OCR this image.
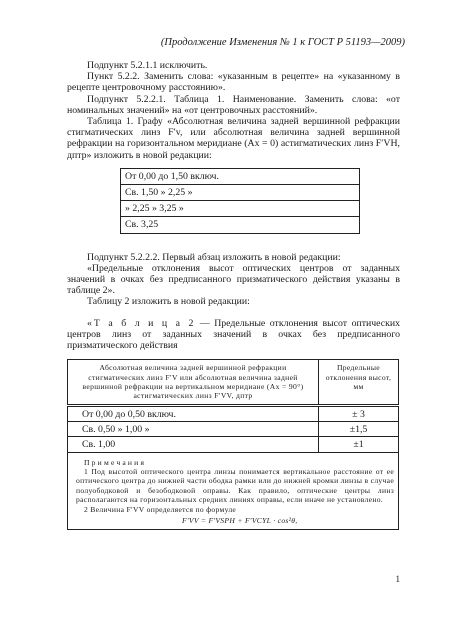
(Продолжение Изменения № 1 к ГОСТ Р 51193—2009)

Подпункт 5.2.1.1 исключить.

Пункт 5.2.2. Заменить слова: «указанным в рецепте» на «указанному в рецепте центровочному расстоянию».

Подпункт 5.2.2.1. Таблица 1. Наименование. Заменить слова: «от номинальных значений» на «от центровочных расстояний».

Таблица 1. Графу «Абсолютная величина задней вершинной рефракции стигматических линз F′v, или абсолютная величина задней вершинной рефракции на горизонтальном меридиане (Ax = 0) астигматических линз F′VH, дптр» изложить в новой редакции:

От 0,00 до 1,50 включ.
Св. 1,50 » 2,25 »
» 2,25 » 3,25 »
Св. 3,25

Подпункт 5.2.2.2. Первый абзац изложить в новой редакции:

«Предельные отклонения высот оптических центров от заданных значений в очках без предписанного призматического действия указаны в таблице 2».

Таблицу 2 изложить в новой редакции:

«Т а б л и ц а 2 — Предельные отклонения высот оптических центров линз от заданных значений в очках без предписанного призматического действия

Абсолютная величина задней вершинной рефракции стигматических линз F′V или абсолютная величина задней вершинной рефракции на вертикальном меридиане (Ax = 90°) астигматических линз F′VV, дптр	Предельные отклонения высот, мм
От 0,00 до 0,50 включ.	± 3
Св. 0,50 » 1,00 »	±1,5
Св. 1,00	±1

Примечания
1 Под высотой оптического центра линзы понимается вертикальное расстояние от ее оптического центра до нижней части ободка рамки или до нижней кромки линзы в случае полуободковой и безободковой оправы. Как правило, оптические центры линз располагаются на горизонтальных средних линиях оправы, если иначе не установлено.
2 Величина F′VV определяется по формуле
F′VV = F′VSPH + F′VCYL · cos²θ,	
1
